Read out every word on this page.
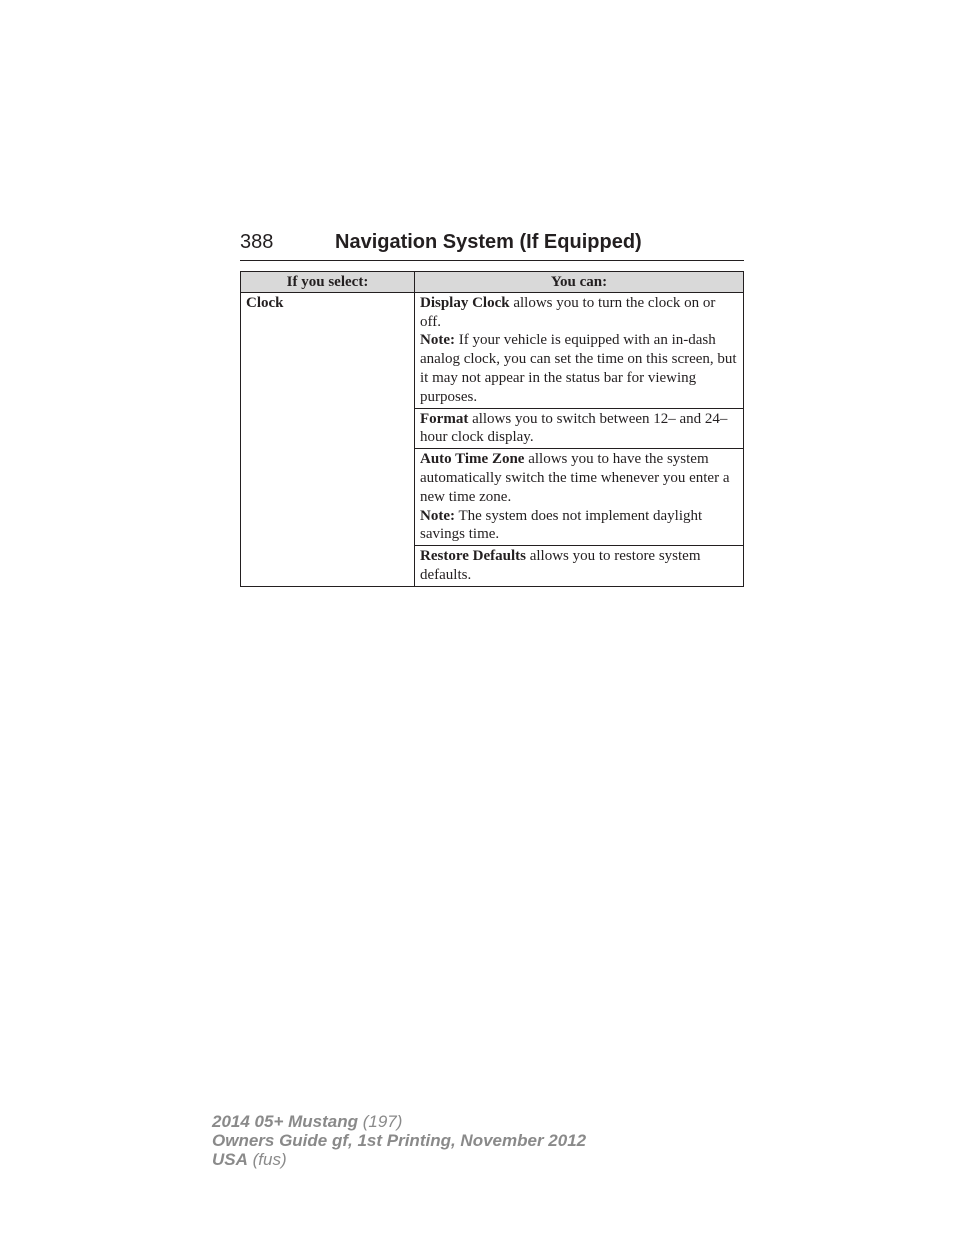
388	Navigation System (If Equipped)
If you select:	You can:
Clock	Display Clock allows you to turn the clock on or off.
Note: If your vehicle is equipped with an in-dash analog clock, you can set the time on this screen, but it may not appear in the status bar for viewing purposes.
	Format allows you to switch between 12– and 24–hour clock display.
	Auto Time Zone allows you to have the system automatically switch the time whenever you enter a new time zone.
Note: The system does not implement daylight savings time.
	Restore Defaults allows you to restore system defaults.
2014 05+ Mustang (197)
Owners Guide gf, 1st Printing, November 2012
USA (fus)
